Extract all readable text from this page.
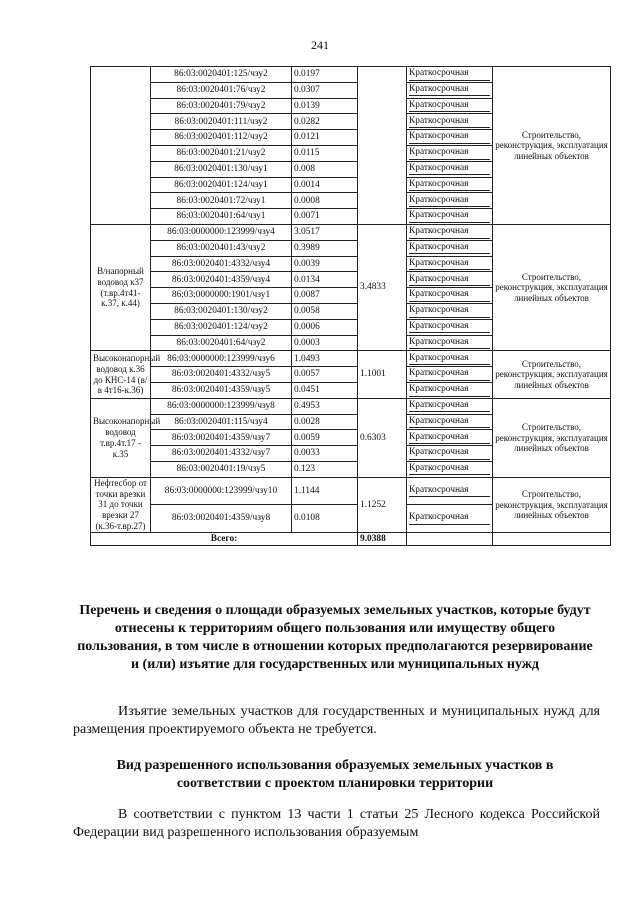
241
	86:03:0020401:125/чзу2	0.0197		Краткосрочная	Строительство, реконструкция, эксплуатация линейных объектов
	86:03:0020401:76/чзу2	0.0307		Краткосрочная	

	86:03:0020401:79/чзу2	0.0139		Краткосрочная	

	86:03:0020401:111/чзу2	0.0282		Краткосрочная	

	86:03:0020401:112/чзу2	0.0121		Краткосрочная	

	86:03:0020401:21/чзу2	0.0115		Краткосрочная	

	86:03:0020401:130/чзу1	0.008		Краткосрочная	

	86:03:0020401:124/чзу1	0.0014		Краткосрочная	

	86:03:0020401:72/чзу1	0.0008		Краткосрочная	

	86:03:0020401:64/чзу1	0.0071		Краткосрочная	

В/напорный водовод к37 (т.вр.4т41-к.37, к.44)	86:03:0000000:123999/чзу4	3.0517	3.4833	Краткосрочная	Строительство, реконструкция, эксплуатация линейных объектов
	86:03:0020401:43/чзу2	0.3989		Краткосрочная	

	86:03:0020401:4332/чзу4	0.0039		Краткосрочная	

	86:03:0020401:4359/чзу4	0.0134		Краткосрочная	

	86:03:0000000:1901/чзу1	0.0087		Краткосрочная	

	86:03:0020401:130/чзу2	0.0058		Краткосрочная	

	86:03:0020401:124/чзу2	0.0006		Краткосрочная	

	86:03:0020401:64/чзу2	0.0003		Краткосрочная	

Высоконапорный водовод к.36 до КНС-14 (в/в 4т16-к.36)	86:03:0000000:123999/чзу6	1.0493	1.1001	Краткосрочная	Строительство, реконструкция, эксплуатация линейных объектов
	86:03:0020401:4332/чзу5	0.0057		Краткосрочная	

	86:03:0020401:4359/чзу5	0.0451		Краткосрочная	

Высоконапорный водовод т.вр.4т.17 - к.35	86:03:0000000:123999/чзу8	0.4953	0.6303	Краткосрочная	Строительство, реконструкция, эксплуатация линейных объектов
	86:03:0020401:115/чзу4	0.0028		Краткосрочная	

	86:03:0020401:4359/чзу7	0.0059		Краткосрочная	

	86:03:0020401:4332/чзу7	0.0033		Краткосрочная	

	86:03:0020401:19/чзу5	0.123		Краткосрочная	

Нефтесбор от точки врезки 31 до точки врезки 27 (к.36-т.вр.27)	86:03:0000000:123999/чзу10	1.1144	1.1252	Краткосрочная	Строительство, реконструкция, эксплуатация линейных объектов
	86:03:0020401:4359/чзу8	0.0108		Краткосрочная	

Всего:			9.0388		
Перечень и сведения о площади образуемых земельных участков, которые будут отнесены к территориям общего пользования или имуществу общего пользования, в том числе в отношении которых предполагаются резервирование и (или) изъятие для государственных или муниципальных нужд

Изъятие земельных участков для государственных и муниципальных нужд для размещения проектируемого объекта не требуется.

Вид разрешенного использования образуемых земельных участков в соответствии с проектом планировки территории

В соответствии с пунктом 13 части 1 статьи 25 Лесного кодекса Российской Федерации вид разрешенного использования образуемым
